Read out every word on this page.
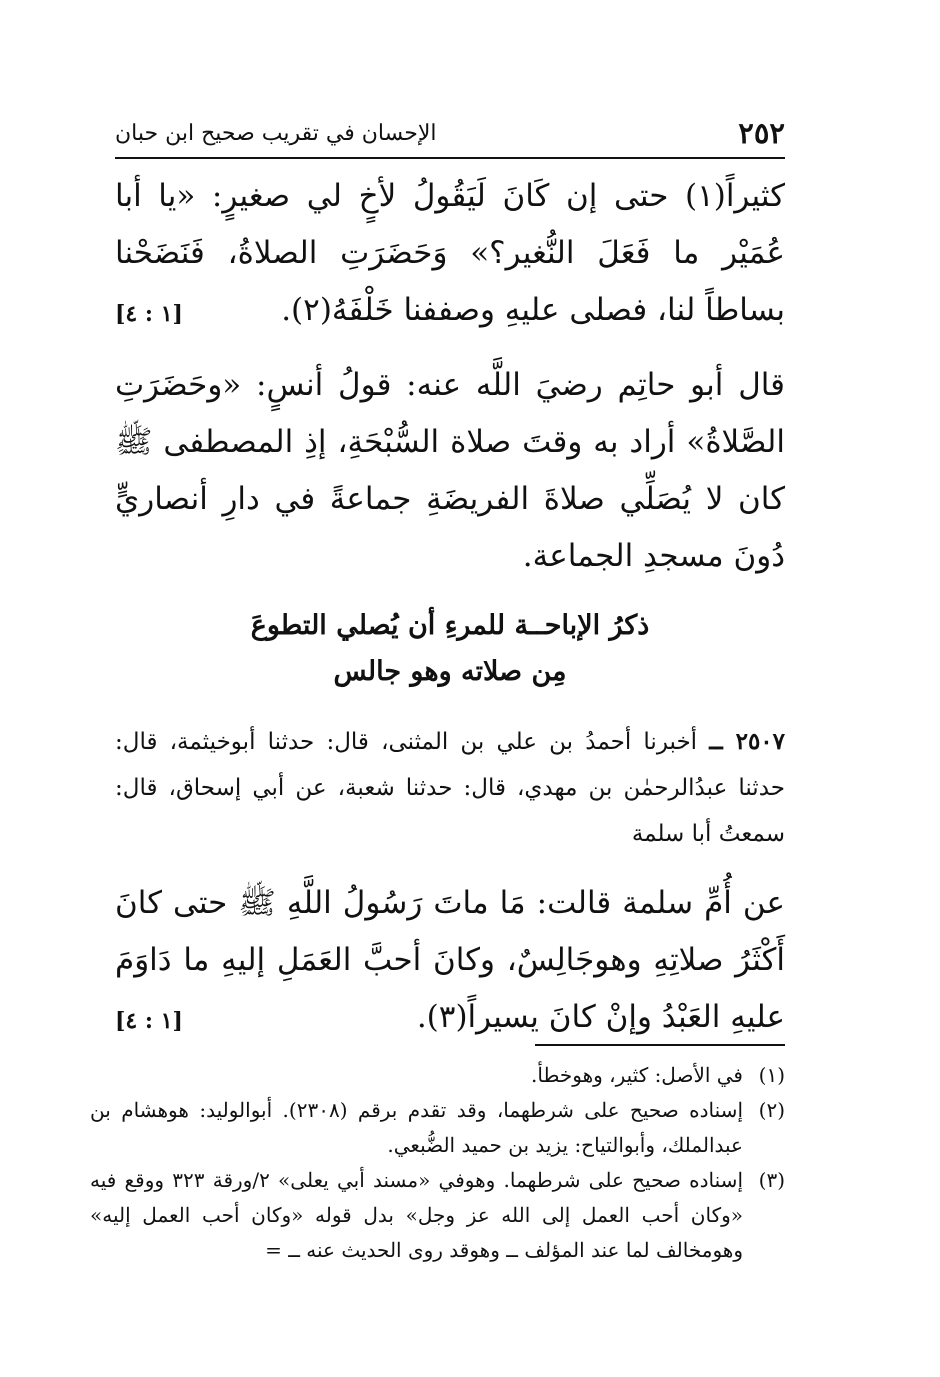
٢٥٢
الإحسان في تقريب صحيح ابن حبان

كثيراً(١) حتى إن كَانَ لَيَقُولُ لأخٍ لي صغيرٍ: «يا أبا عُمَيْر ما فَعَلَ النُّغير؟» وَحَضَرَتِ الصلاةُ، فَنَضَحْنا بساطاً لنا، فصلى عليهِ وصففنا خَلْفَهُ(٢).
[١ : ٤]

قال أبو حاتِم رضيَ اللَّه عنه: قولُ أنسٍ: «وحَضَرَتِ الصَّلاةُ» أراد به وقتَ صلاة السُّبْحَةِ، إذِ المصطفى ﷺ كان لا يُصَلِّي صلاةَ الفريضَةِ جماعةً في دارِ أنصاريٍّ دُونَ مسجدِ الجماعة.

ذكرُ الإباحــة للمرءِ أن يُصلي التطوعَ
مِن صلاته وهو جالس

٢٥٠٧ ــ أخبرنا أحمدُ بن علي بن المثنى، قال: حدثنا أبوخيثمة، قال: حدثنا عبدُالرحمٰن بن مهدي، قال: حدثنا شعبة، عن أبي إسحاق، قال: سمعتُ أبا سلمة

عن أُمِّ سلمة قالت: مَا ماتَ رَسُولُ اللَّهِ ﷺ حتى كانَ أَكْثَرُ صلاتِهِ وهوجَالِسٌ، وكانَ أحبَّ العَمَلِ إليهِ ما دَاوَمَ عليهِ العَبْدُ وإنْ كانَ يسيراً(٣).
[١ : ٤]

(١)
في الأصل: كثير، وهوخطأ.
(٢)
إسناده صحيح على شرطهما، وقد تقدم برقم (٢٣٠٨). أبوالوليد: هوهشام بن عبدالملك، وأبوالتياح: يزيد بن حميد الضُّبعي.
(٣)
إسناده صحيح على شرطهما. وهوفي «مسند أبي يعلى» ٢/ورقة ٣٢٣ ووقع فيه «وكان أحب العمل إلى الله عز وجل» بدل قوله «وكان أحب العمل إليه» وهومخالف لما عند المؤلف ــ وهوقد روى الحديث عنه ــ =
